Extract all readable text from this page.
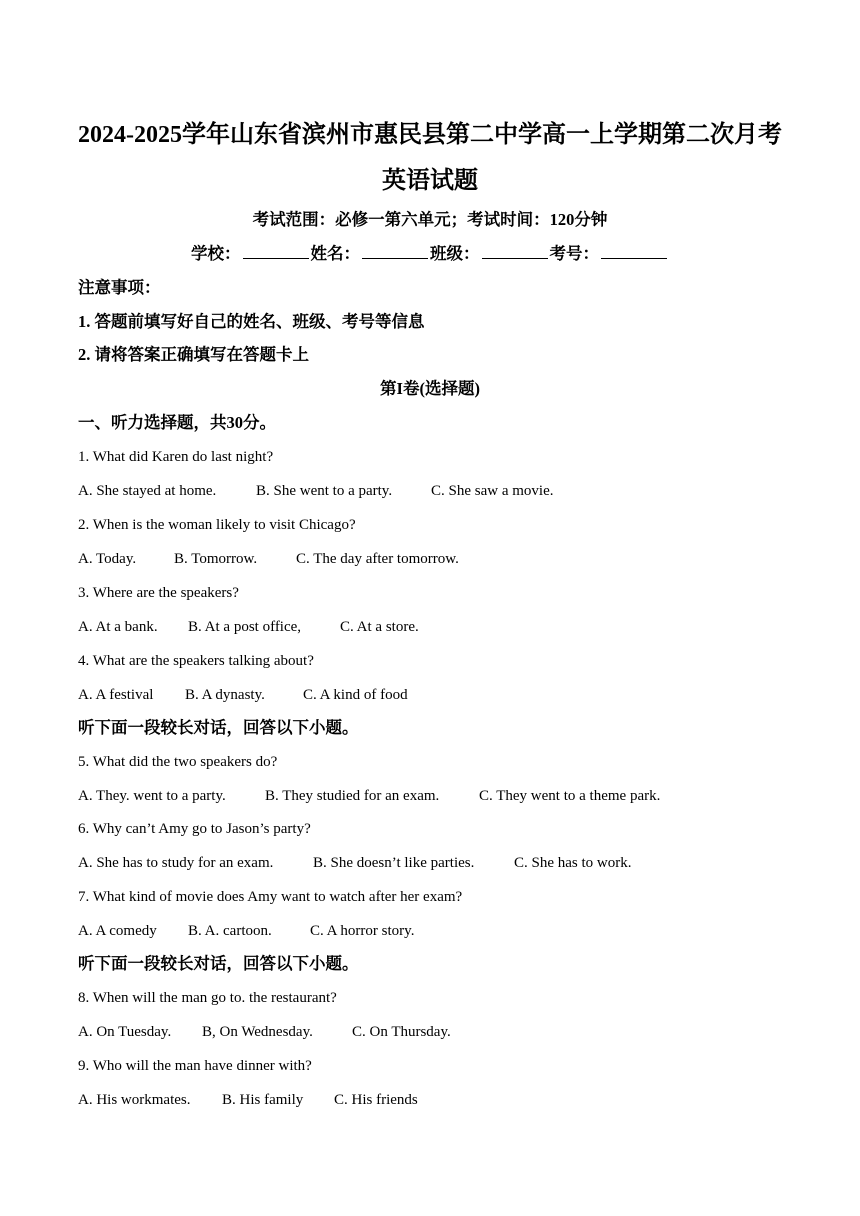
2024-2025学年山东省滨州市惠民县第二中学高一上学期第二次月考
英语试题
考试范围：必修一第六单元；考试时间：120分钟
学校：	姓名：	班级：	考号：
注意事项：
1. 答题前填写好自己的姓名、班级、考号等信息
2. 请将答案正确填写在答题卡上
第I卷(选择题)
一、听力选择题，共30分。
1. What did Karen do last night?
A. She stayed at home.	B. She went to a party.	C. She saw a movie.
2. When is the woman likely to visit Chicago?
A. Today.	B. Tomorrow.	C. The day after tomorrow.
3. Where are the speakers?
A. At a bank. B. At a post office,	C. At a store.
4. What are the speakers talking about?
A. A festival B. A dynasty.	C. A kind of food
听下面一段较长对话，回答以下小题。
5. What did the two speakers do?
A. They. went to a party.	B. They studied for an exam.	C. They went to a theme park.
6. Why can’t Amy go to Jason’s party?
A. She has to study for an exam.	B. She doesn’t like parties.	C. She has to work.
7. What kind of movie does Amy want to watch after her exam?
A. A comedy B. A. cartoon.	C. A horror story.
听下面一段较长对话，回答以下小题。
8. When will the man go to. the restaurant?
A. On Tuesday. B, On Wednesday.	C. On Thursday.
9. Who will the man have dinner with?
A. His workmates. B. His family C. His friends
